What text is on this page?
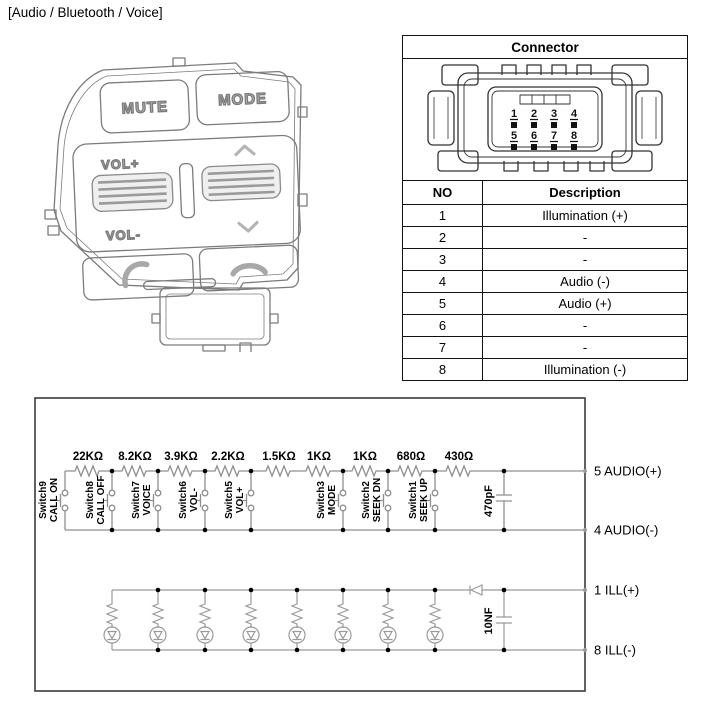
[Audio / Bluetooth / Voice]
MUTE	MODE
VOL+
VOL-
Connector	

1 2 3 4
5 6 7 8

NO	Description
1	Illumination (+)
2	-
3	-
4	Audio (-)
5	Audio (+)
6	-
7	-
8	Illumination (-)
22KΩ 8.2KΩ 3.9KΩ 2.2KΩ 1.5KΩ 1KΩ 1KΩ 680Ω 430Ω
Switch9 CALL ON	Switch8 CALL OFF Switch7 VOICE	Switch6 VOL- Switch5 VOL+	Switch3 MODE Switch2 SEEK DN	Switch1 SEEK UP	470pF
10NF
5 AUDIO(+)
4 AUDIO(-)
1 ILL(+)
8 ILL(-)
